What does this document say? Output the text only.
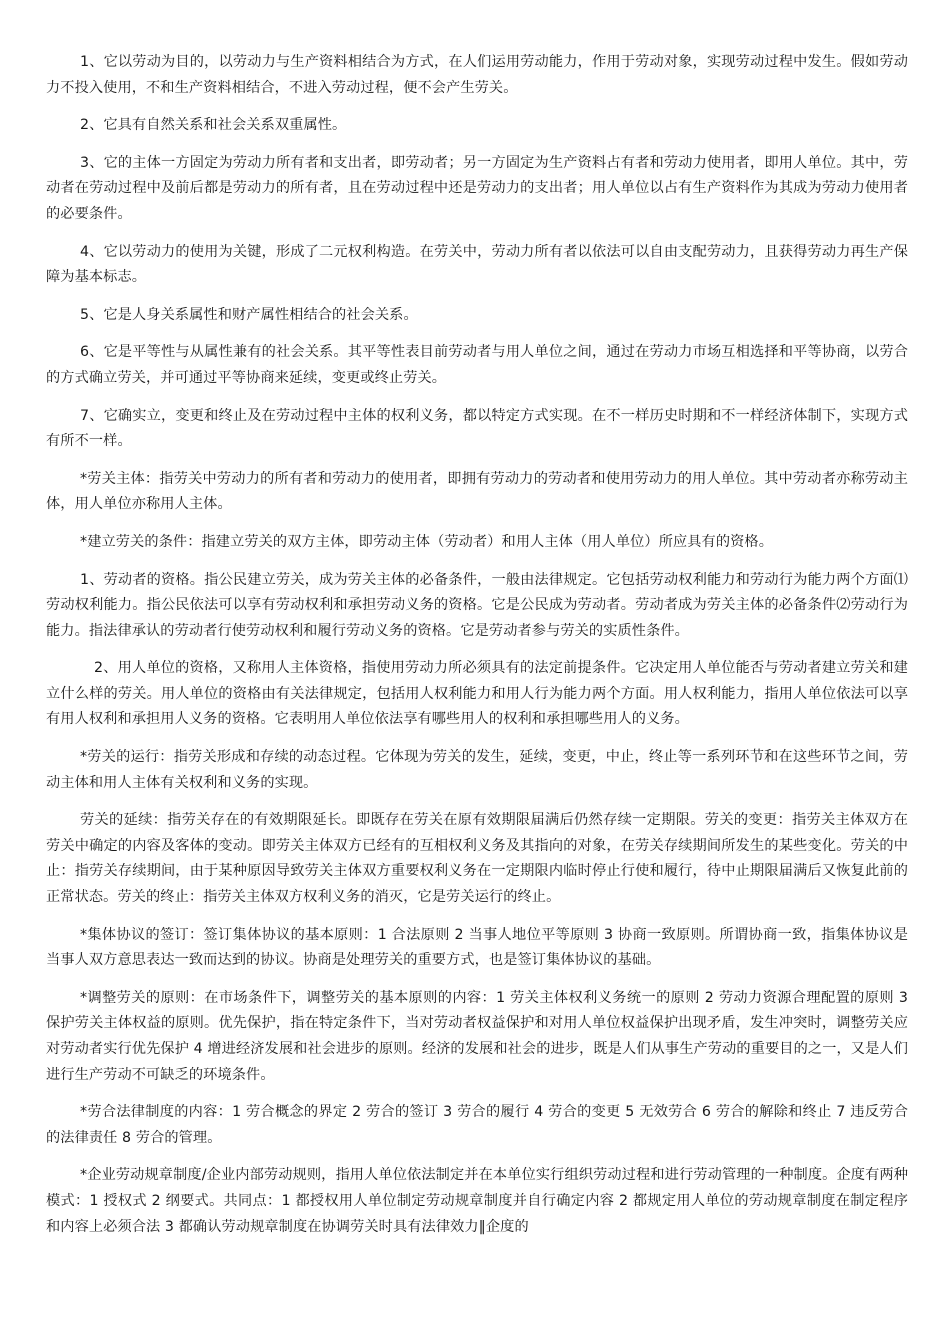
1、它以劳动为目的，以劳动力与生产资料相结合为方式，在人们运用劳动能力，作用于劳动对象，实现劳动过程中发生。假如劳动力不投入使用，不和生产资料相结合，不进入劳动过程，便不会产生劳关。

2、它具有自然关系和社会关系双重属性。

3、它的主体一方固定为劳动力所有者和支出者，即劳动者；另一方固定为生产资料占有者和劳动力使用者，即用人单位。其中，劳动者在劳动过程中及前后都是劳动力的所有者，且在劳动过程中还是劳动力的支出者；用人单位以占有生产资料作为其成为劳动力使用者的必要条件。

4、它以劳动力的使用为关键，形成了二元权利构造。在劳关中，劳动力所有者以依法可以自由支配劳动力，且获得劳动力再生产保障为基本标志。

5、它是人身关系属性和财产属性相结合的社会关系。

6、它是平等性与从属性兼有的社会关系。其平等性表目前劳动者与用人单位之间，通过在劳动力市场互相选择和平等协商，以劳合的方式确立劳关，并可通过平等协商来延续，变更或终止劳关。

7、它确实立，变更和终止及在劳动过程中主体的权利义务，都以特定方式实现。在不一样历史时期和不一样经济体制下，实现方式有所不一样。

*劳关主体：指劳关中劳动力的所有者和劳动力的使用者，即拥有劳动力的劳动者和使用劳动力的用人单位。其中劳动者亦称劳动主体，用人单位亦称用人主体。

*建立劳关的条件：指建立劳关的双方主体，即劳动主体（劳动者）和用人主体（用人单位）所应具有的资格。

1、劳动者的资格。指公民建立劳关，成为劳关主体的必备条件，一般由法律规定。它包括劳动权利能力和劳动行为能力两个方面⑴劳动权利能力。指公民依法可以享有劳动权利和承担劳动义务的资格。它是公民成为劳动者。劳动者成为劳关主体的必备条件⑵劳动行为能力。指法律承认的劳动者行使劳动权利和履行劳动义务的资格。它是劳动者参与劳关的实质性条件。

2、用人单位的资格，又称用人主体资格，指使用劳动力所必须具有的法定前提条件。它决定用人单位能否与劳动者建立劳关和建立什么样的劳关。用人单位的资格由有关法律规定，包括用人权利能力和用人行为能力两个方面。用人权利能力，指用人单位依法可以享有用人权利和承担用人义务的资格。它表明用人单位依法享有哪些用人的权利和承担哪些用人的义务。

*劳关的运行：指劳关形成和存续的动态过程。它体现为劳关的发生，延续，变更，中止，终止等一系列环节和在这些环节之间，劳动主体和用人主体有关权利和义务的实现。

劳关的延续：指劳关存在的有效期限延长。即既存在劳关在原有效期限届满后仍然存续一定期限。劳关的变更：指劳关主体双方在劳关中确定的内容及客体的变动。即劳关主体双方已经有的互相权利义务及其指向的对象，在劳关存续期间所发生的某些变化。劳关的中止：指劳关存续期间，由于某种原因导致劳关主体双方重要权利义务在一定期限内临时停止行使和履行，待中止期限届满后又恢复此前的正常状态。劳关的终止：指劳关主体双方权利义务的消灭，它是劳关运行的终止。

*集体协议的签订：签订集体协议的基本原则：1 合法原则 2 当事人地位平等原则 3 协商一致原则。所谓协商一致，指集体协议是当事人双方意思表达一致而达到的协议。协商是处理劳关的重要方式，也是签订集体协议的基础。

*调整劳关的原则：在市场条件下，调整劳关的基本原则的内容：1 劳关主体权利义务统一的原则 2 劳动力资源合理配置的原则 3 保护劳关主体权益的原则。优先保护，指在特定条件下，当对劳动者权益保护和对用人单位权益保护出现矛盾，发生冲突时，调整劳关应对劳动者实行优先保护 4 增进经济发展和社会进步的原则。经济的发展和社会的进步，既是人们从事生产劳动的重要目的之一，又是人们进行生产劳动不可缺乏的环境条件。

*劳合法律制度的内容：1 劳合概念的界定 2 劳合的签订 3 劳合的履行 4 劳合的变更 5 无效劳合 6 劳合的解除和终止 7 违反劳合的法律责任 8 劳合的管理。

*企业劳动规章制度/企业内部劳动规则，指用人单位依法制定并在本单位实行组织劳动过程和进行劳动管理的一种制度。企度有两种模式：1 授权式 2 纲要式。共同点：1 都授权用人单位制定劳动规章制度并自行确定内容 2 都规定用人单位的劳动规章制度在制定程序和内容上必须合法 3 都确认劳动规章制度在协调劳关时具有法律效力‖企度的
